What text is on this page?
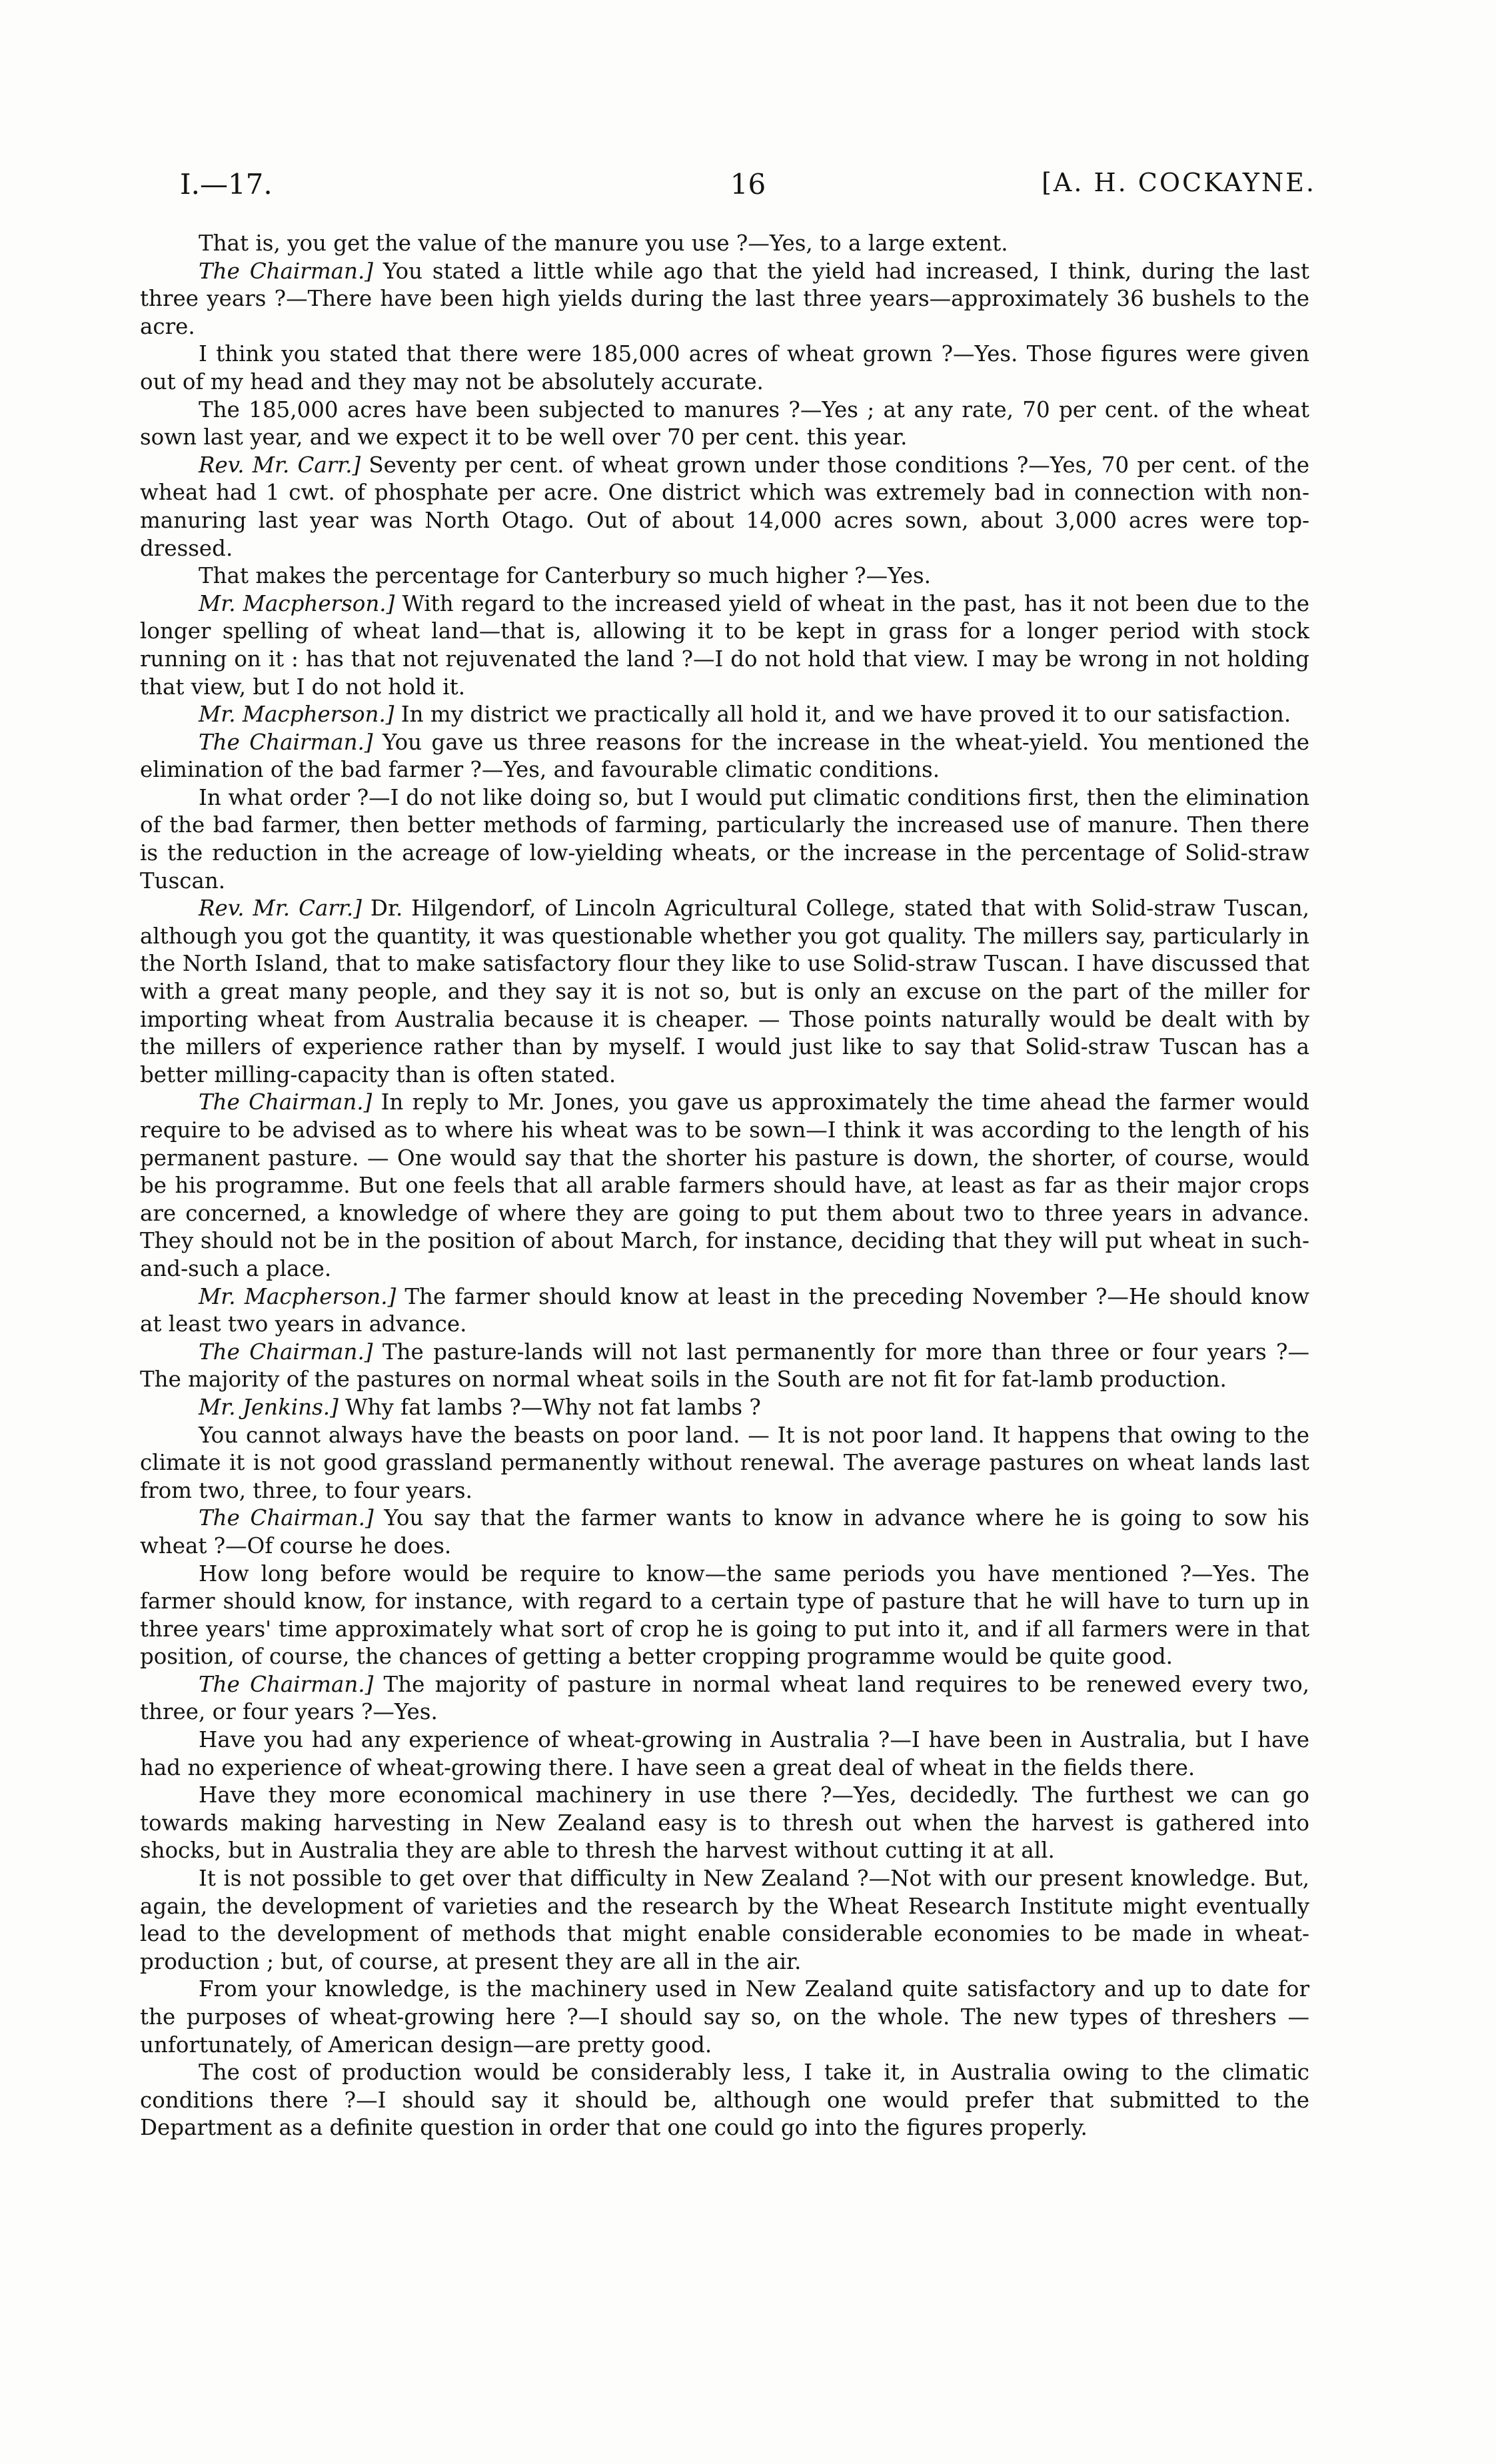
I.—17.	16	[A. H. COCKAYNE.

That is, you get the value of the manure you use ?—Yes, to a large extent.

The Chairman.] You stated a little while ago that the yield had increased, I think, during the last three years ?—There have been high yields during the last three years—approximately 36 bushels to the acre.

I think you stated that there were 185,000 acres of wheat grown ?—Yes. Those figures were given out of my head and they may not be absolutely accurate.

The 185,000 acres have been subjected to manures ?—Yes ; at any rate, 70 per cent. of the wheat sown last year, and we expect it to be well over 70 per cent. this year.

Rev. Mr. Carr.] Seventy per cent. of wheat grown under those conditions ?—Yes, 70 per cent. of the wheat had 1 cwt. of phosphate per acre. One district which was extremely bad in connection with non-manuring last year was North Otago. Out of about 14,000 acres sown, about 3,000 acres were top-dressed.

That makes the percentage for Canterbury so much higher ?—Yes.

Mr. Macpherson.] With regard to the increased yield of wheat in the past, has it not been due to the longer spelling of wheat land—that is, allowing it to be kept in grass for a longer period with stock running on it : has that not rejuvenated the land ?—I do not hold that view. I may be wrong in not holding that view, but I do not hold it.

Mr. Macpherson.] In my district we practically all hold it, and we have proved it to our satisfaction.

The Chairman.] You gave us three reasons for the increase in the wheat-yield. You mentioned the elimination of the bad farmer ?—Yes, and favourable climatic conditions.

In what order ?—I do not like doing so, but I would put climatic conditions first, then the elimination of the bad farmer, then better methods of farming, particularly the increased use of manure. Then there is the reduction in the acreage of low-yielding wheats, or the increase in the percentage of Solid-straw Tuscan.

Rev. Mr. Carr.] Dr. Hilgendorf, of Lincoln Agricultural College, stated that with Solid-straw Tuscan, although you got the quantity, it was questionable whether you got quality. The millers say, particularly in the North Island, that to make satisfactory flour they like to use Solid-straw Tuscan. I have discussed that with a great many people, and they say it is not so, but is only an excuse on the part of the miller for importing wheat from Australia because it is cheaper. — Those points naturally would be dealt with by the millers of experience rather than by myself. I would just like to say that Solid-straw Tuscan has a better milling-capacity than is often stated.

The Chairman.] In reply to Mr. Jones, you gave us approximately the time ahead the farmer would require to be advised as to where his wheat was to be sown—I think it was according to the length of his permanent pasture. — One would say that the shorter his pasture is down, the shorter, of course, would be his programme. But one feels that all arable farmers should have, at least as far as their major crops are concerned, a knowledge of where they are going to put them about two to three years in advance. They should not be in the position of about March, for instance, deciding that they will put wheat in such-and-such a place.

Mr. Macpherson.] The farmer should know at least in the preceding November ?—He should know at least two years in advance.

The Chairman.] The pasture-lands will not last permanently for more than three or four years ?—The majority of the pastures on normal wheat soils in the South are not fit for fat-lamb production.

Mr. Jenkins.] Why fat lambs ?—Why not fat lambs ?

You cannot always have the beasts on poor land. — It is not poor land. It happens that owing to the climate it is not good grassland permanently without renewal. The average pastures on wheat lands last from two, three, to four years.

The Chairman.] You say that the farmer wants to know in advance where he is going to sow his wheat ?—Of course he does.

How long before would be require to know—the same periods you have mentioned ?—Yes. The farmer should know, for instance, with regard to a certain type of pasture that he will have to turn up in three years' time approximately what sort of crop he is going to put into it, and if all farmers were in that position, of course, the chances of getting a better cropping programme would be quite good.

The Chairman.] The majority of pasture in normal wheat land requires to be renewed every two, three, or four years ?—Yes.

Have you had any experience of wheat-growing in Australia ?—I have been in Australia, but I have had no experience of wheat-growing there. I have seen a great deal of wheat in the fields there.

Have they more economical machinery in use there ?—Yes, decidedly. The furthest we can go towards making harvesting in New Zealand easy is to thresh out when the harvest is gathered into shocks, but in Australia they are able to thresh the harvest without cutting it at all.

It is not possible to get over that difficulty in New Zealand ?—Not with our present knowledge. But, again, the development of varieties and the research by the Wheat Research Institute might eventually lead to the development of methods that might enable considerable economies to be made in wheat-production ; but, of course, at present they are all in the air.

From your knowledge, is the machinery used in New Zealand quite satisfactory and up to date for the purposes of wheat-growing here ?—I should say so, on the whole. The new types of threshers —unfortunately, of American design—are pretty good.

The cost of production would be considerably less, I take it, in Australia owing to the climatic conditions there ?—I should say it should be, although one would prefer that submitted to the Department as a definite question in order that one could go into the figures properly.
